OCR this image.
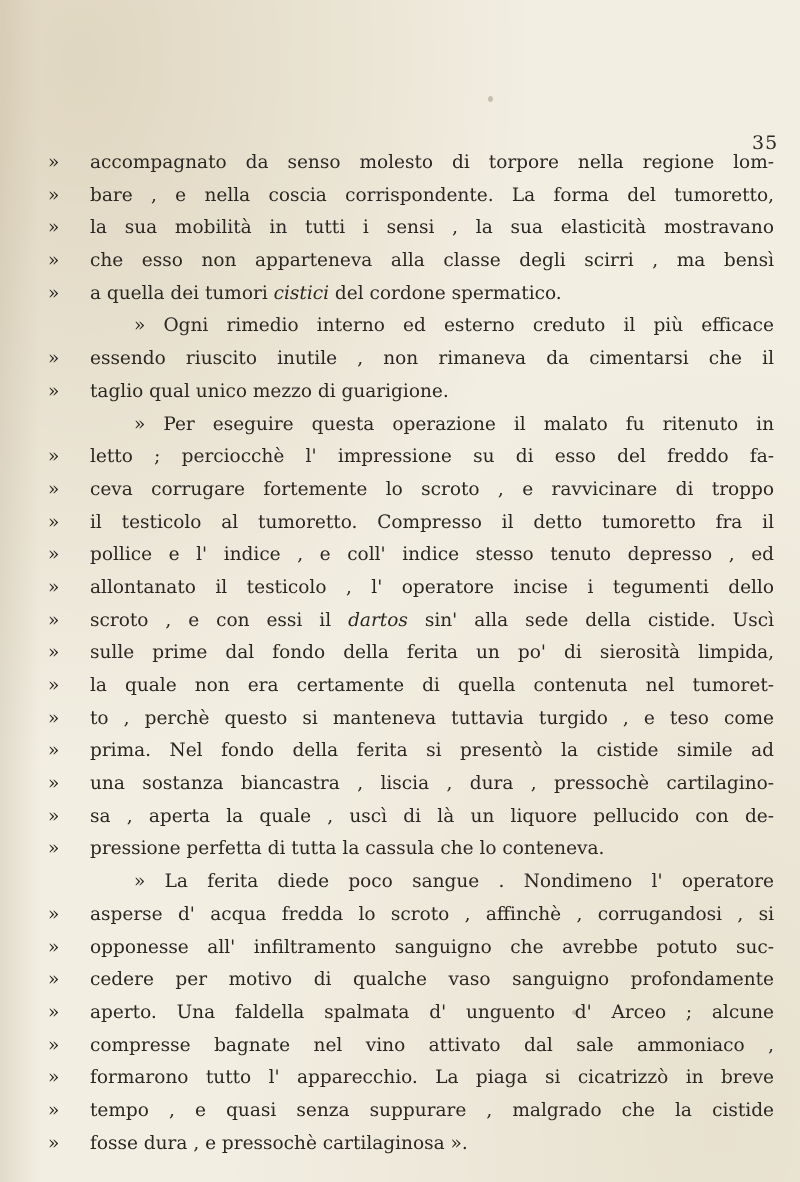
35
»	accompagnato da senso molesto di torpore nella regione lom-
»	bare , e nella coscia corrispondente. La forma del tumoretto,
»	la sua mobilità in tutti i sensi , la sua elasticità mostravano
»	che esso non apparteneva alla classe degli scirri , ma bensì
»	a quella dei tumori cistici del cordone spermatico.
» Ogni rimedio interno ed esterno creduto il più efficace
»	essendo riuscito inutile , non rimaneva da cimentarsi che il
»	taglio qual unico mezzo di guarigione.
» Per eseguire questa operazione il malato fu ritenuto in
»	letto ; perciocchè l' impressione su di esso del freddo fa-
»	ceva corrugare fortemente lo scroto , e ravvicinare di troppo
»	il testicolo al tumoretto. Compresso il detto tumoretto fra il
»	pollice e l' indice , e coll' indice stesso tenuto depresso , ed
»	allontanato il testicolo , l' operatore incise i tegumenti dello
»	scroto , e con essi il dartos sin' alla sede della cistide. Uscì
»	sulle prime dal fondo della ferita un po' di sierosità limpida,
»	la quale non era certamente di quella contenuta nel tumoret-
»	to , perchè questo si manteneva tuttavia turgido , e teso come
»	prima. Nel fondo della ferita si presentò la cistide simile ad
»	una sostanza biancastra , liscia , dura , pressochè cartilagino-
»	sa , aperta la quale , uscì di là un liquore pellucido con de-
»	pressione perfetta di tutta la cassula che lo conteneva.
» La ferita diede poco sangue . Nondimeno l' operatore
»	asperse d' acqua fredda lo scroto , affinchè , corrugandosi , si
»	opponesse all' infiltramento sanguigno che avrebbe potuto suc-
»	cedere per motivo di qualche vaso sanguigno profondamente
»	aperto. Una faldella spalmata d' unguento d' Arceo ; alcune
»	compresse bagnate nel vino attivato dal sale ammoniaco ,
»	formarono tutto l' apparecchio. La piaga si cicatrizzò in breve
»	tempo , e quasi senza suppurare , malgrado che la cistide
»	fosse dura , e pressochè cartilaginosa ».
